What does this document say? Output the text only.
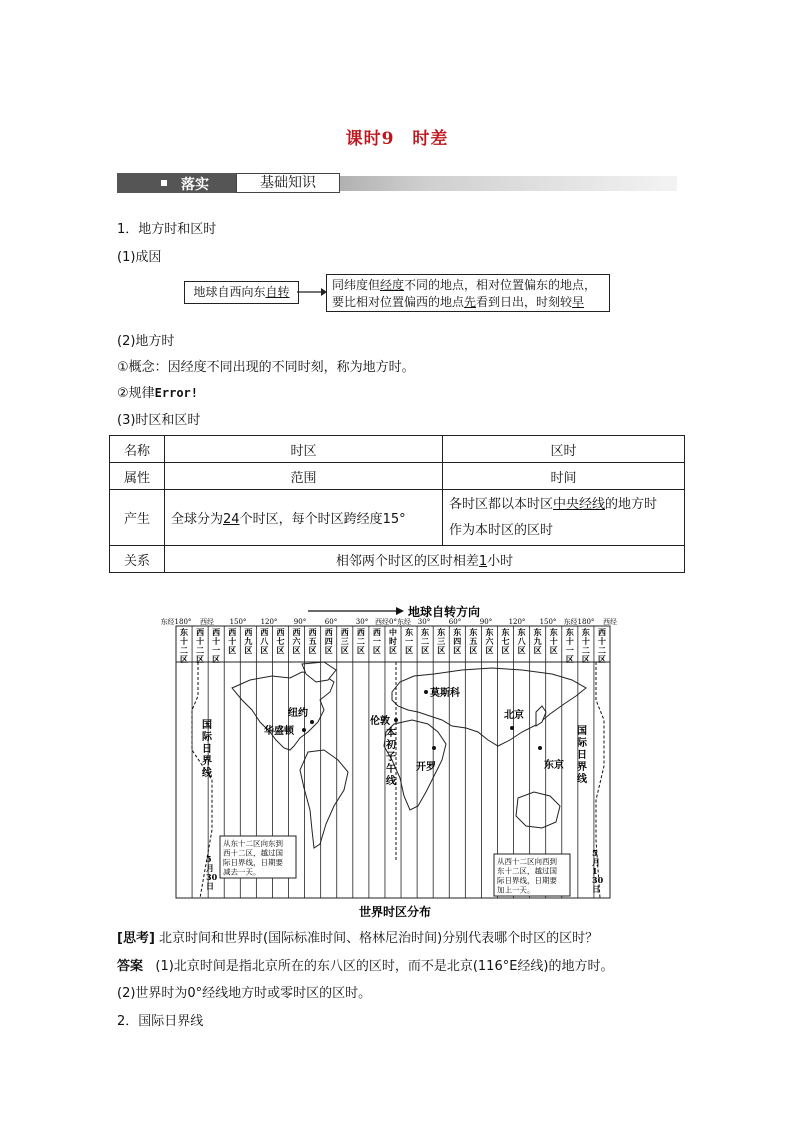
课时9　时差
落实	基础知识
1．地方时和区时
(1)成因
地球自西向东自转	同纬度但经度不同的地点，相对位置偏东的地点，
要比相对位置偏西的地点先看到日出，时刻较早
(2)地方时
①概念：因经度不同出现的不同时刻，称为地方时。
②规律Error!
(3)时区和区时
名称	时区	区时
属性	范围	时间
产生	全球分为24个时区，每个时区跨经度15°	各时区都以本时区中央经线的地方时
作为本时区的区时

关系	相邻两个时区的区时相差1小时	
地球自转方向
东十二区
西十二区
西十一区
西十区
西九区
西八区
西七区
西六区
西五区
西四区
西三区
西二区
西一区
中时区
东一区
东二区
东三区
东四区
东五区
东六区
东七区
东八区
东九区
东十区
东十一区
东十二区
西十二区
东经180° 西经 150° 120° 90°	60°	30° 西经0°东经 30°	60°	90° 120° 150° 东经180° 西经
莫斯科
纽约
华盛顿
伦敦
北京
东京
开罗
本初子午线
国际日界线
国际日界线
从东十二区向东到西十二区，越过国际日界线，日期要减去一天。
从西十二区向西到东十二区，越过国际日界线，日期要加上一天。
5 月 30 日
5 月 1 30 日
世界时区分布
[思考] 北京时间和世界时(国际标准时间、格林尼治时间)分别代表哪个时区的区时？
答案 (1)北京时间是指北京所在的东八区的区时，而不是北京(116°E经线)的地方时。
(2)世界时为0°经线地方时或零时区的区时。
2．国际日界线
